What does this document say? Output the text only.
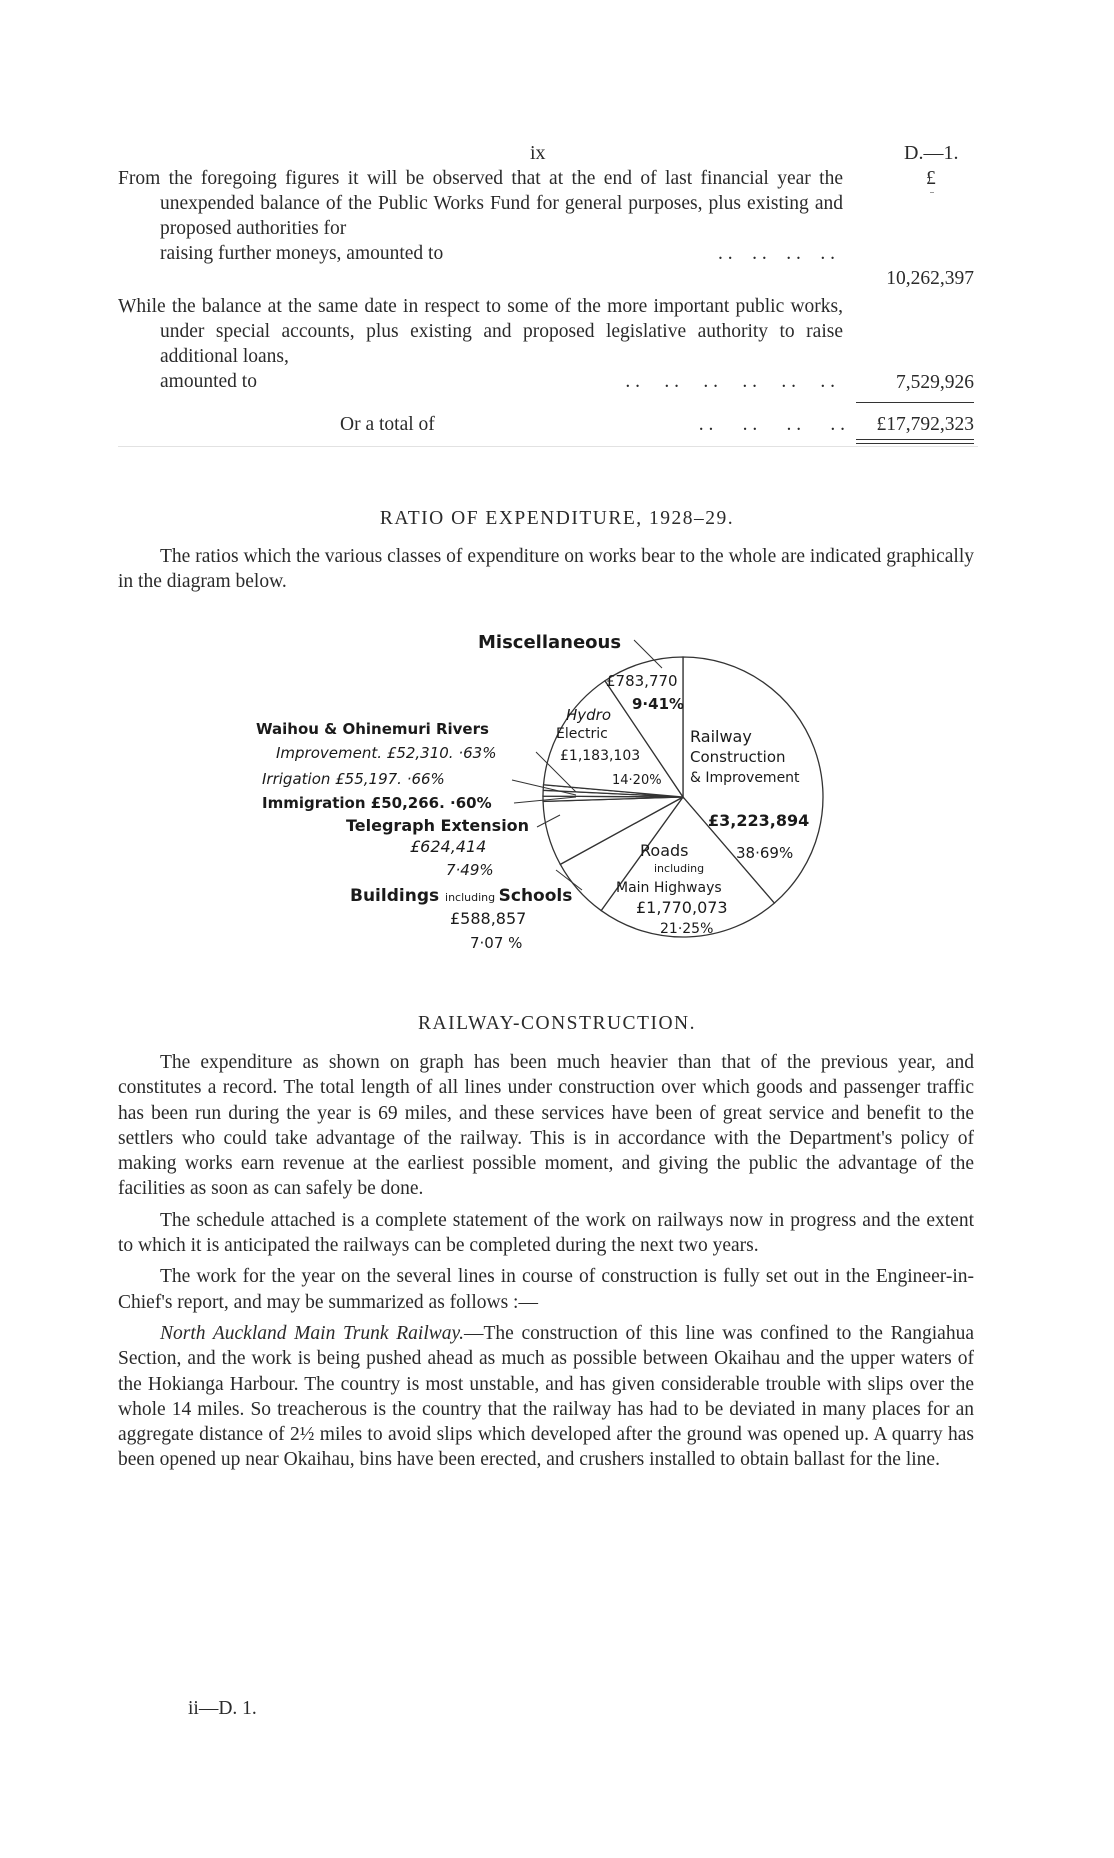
ix	D.—1.
£
From the foregoing figures it will be observed that at the end of last financial year the unexpended balance of the Public Works Fund for general purposes, plus existing and proposed authorities for
raising further moneys, amounted to	. .    . .    . .    . .
10,262,397
While the balance at the same date in respect to some of the more important public works, under special accounts, plus existing and proposed legislative authority to raise additional loans,
amounted to	. .     . .     . .     . .     . .     . .	7,529,926
Or a total of	. .      . .      . .      . . £17,792,323
RATIO OF EXPENDITURE, 1928–29.
The ratios which the various classes of expenditure on works bear to the whole are indicated graphically in the diagram below.
Railway
Construction
& Improvement
£3,223,894
38·69%
Roads
including
Main Highways
£1,770,073
21·25%
Buildings including Schools
£588,857
7·07 %
Telegraph Extension
£624,414
7·49%
Immigration £50,266. ·60%
Irrigation £55,197. ·66%
Waihou & Ohinemuri Rivers
Improvement. £52,310. ·63%
Hydro
Electric
£1,183,103
14·20%
Miscellaneous
£783,770
9·41%
RAILWAY-CONSTRUCTION.

The expenditure as shown on graph has been much heavier than that of the previous year, and constitutes a record. The total length of all lines under construction over which goods and passenger traffic has been run during the year is 69 miles, and these services have been of great service and benefit to the settlers who could take advantage of the railway. This is in accordance with the Department's policy of making works earn revenue at the earliest possible moment, and giving the public the advantage of the facilities as soon as can safely be done.

The schedule attached is a complete statement of the work on railways now in progress and the extent to which it is anticipated the railways can be completed during the next two years.

The work for the year on the several lines in course of construction is fully set out in the Engineer-in-Chief's report, and may be summarized as follows :—

North Auckland Main Trunk Railway.—The construction of this line was confined to the Rangiahua Section, and the work is being pushed ahead as much as possible between Okaihau and the upper waters of the Hokianga Harbour. The country is most unstable, and has given considerable trouble with slips over the whole 14 miles. So treacherous is the country that the railway has had to be deviated in many places for an aggregate distance of 2½ miles to avoid slips which developed after the ground was opened up. A quarry has been opened up near Okaihau, bins have been erected, and crushers installed to obtain ballast for the line.

ii—D. 1.
